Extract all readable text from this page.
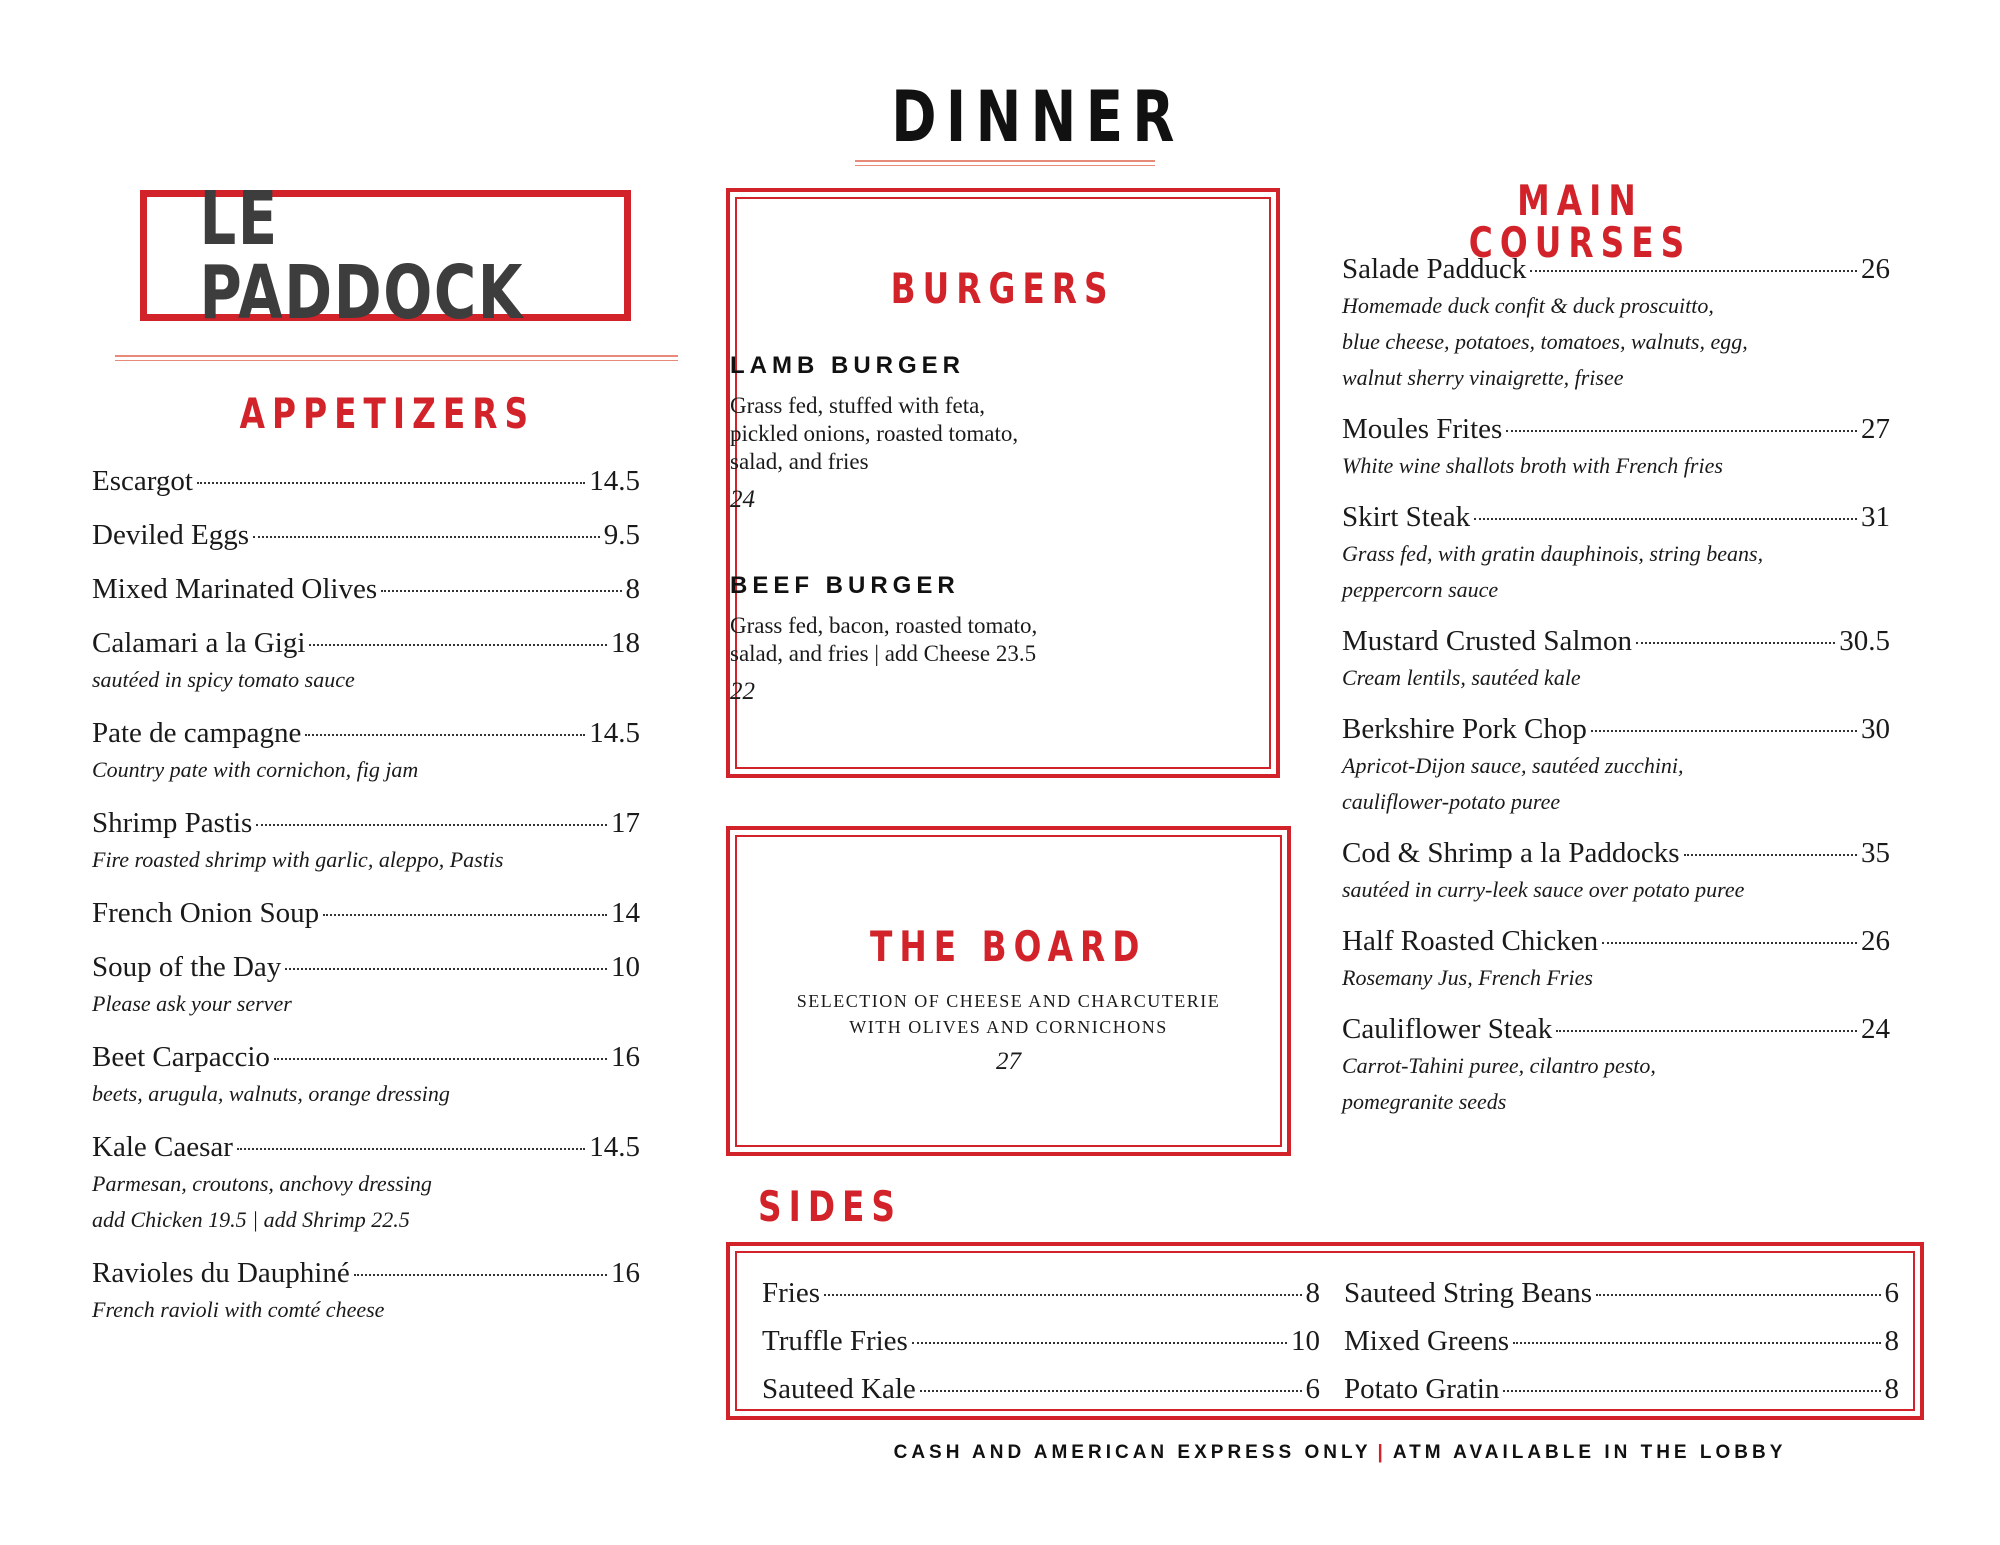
DINNER
LE PADDOCK
APPETIZERS
Escargot	14.5
Deviled Eggs	9.5
Mixed Marinated Olives	8
Calamari a la Gigi	18
sautéed in spicy tomato sauce
Pate de campagne	14.5
Country pate with cornichon, fig jam
Shrimp Pastis	17
Fire roasted shrimp with garlic, aleppo, Pastis
French Onion Soup	14
Soup of the Day	10
Please ask your server
Beet Carpaccio	16
beets, arugula, walnuts, orange dressing
Kale Caesar	14.5
Parmesan, croutons, anchovy dressing
add Chicken 19.5 | add Shrimp 22.5
Ravioles du Dauphiné	16
French ravioli with comté cheese
BURGERS
LAMB BURGER
Grass fed, stuffed with feta,
pickled onions, roasted tomato,
salad, and fries
24
BEEF BURGER
Grass fed, bacon, roasted tomato,
salad, and fries | add Cheese 23.5
22
THE BOARD
SELECTION OF CHEESE AND CHARCUTERIE
WITH OLIVES AND CORNICHONS
27
MAIN COURSES
Salade Padduck	26
Homemade duck confit & duck proscuitto,
blue cheese, potatoes, tomatoes, walnuts, egg,
walnut sherry vinaigrette, frisee
Moules Frites	27
White wine shallots broth with French fries
Skirt Steak	31
Grass fed, with gratin dauphinois, string beans,
peppercorn sauce
Mustard Crusted Salmon	30.5
Cream lentils, sautéed kale
Berkshire Pork Chop	30
Apricot-Dijon sauce, sautéed zucchini,
cauliflower-potato puree
Cod & Shrimp a la Paddocks	35
sautéed in curry-leek sauce over potato puree
Half Roasted Chicken	26
Rosemany Jus, French Fries
Cauliflower Steak	24
Carrot-Tahini puree, cilantro pesto,
pomegranite seeds
SIDES
Fries	8
Truffle Fries	10
Sauteed Kale	6
Sauteed String Beans	6
Mixed Greens	8
Potato Gratin	8
CASH AND AMERICAN EXPRESS ONLY | ATM AVAILABLE IN THE LOBBY
